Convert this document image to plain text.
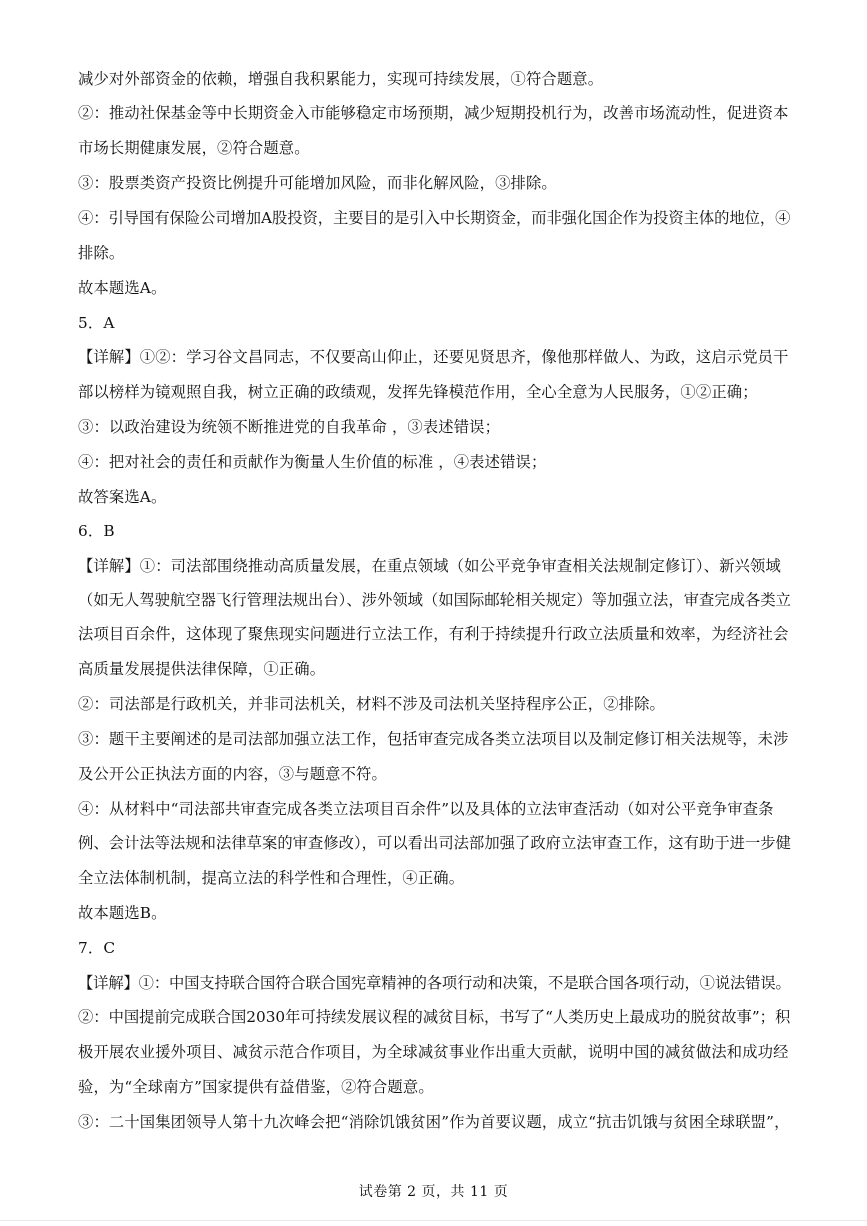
减少对外部资金的依赖，增强自我积累能力，实现可持续发展，①符合题意。
②：推动社保基金等中长期资金入市能够稳定市场预期，减少短期投机行为，改善市场流动性，促进资本
市场长期健康发展，②符合题意。
③：股票类资产投资比例提升可能增加风险，而非化解风险，③排除。
④：引导国有保险公司增加A股投资，主要目的是引入中长期资金，而非强化国企作为投资主体的地位，④
排除。
故本题选A。
5．A
【详解】①②：学习谷文昌同志，不仅要高山仰止，还要见贤思齐，像他那样做人、为政，这启示党员干
部以榜样为镜观照自我，树立正确的政绩观，发挥先锋模范作用，全心全意为人民服务，①②正确；
③：以政治建设为统领不断推进党的自我革命 ，③表述错误；
④：把对社会的责任和贡献作为衡量人生价值的标准 ，④表述错误；
故答案选A。
6．B
【详解】①：司法部围绕推动高质量发展，在重点领域（如公平竞争审查相关法规制定修订）、新兴领域
（如无人驾驶航空器飞行管理法规出台）、涉外领域（如国际邮轮相关规定）等加强立法，审查完成各类立
法项目百余件，这体现了聚焦现实问题进行立法工作，有利于持续提升行政立法质量和效率，为经济社会
高质量发展提供法律保障，①正确。
②：司法部是行政机关，并非司法机关，材料不涉及司法机关坚持程序公正，②排除。
③：题干主要阐述的是司法部加强立法工作，包括审查完成各类立法项目以及制定修订相关法规等，未涉
及公开公正执法方面的内容，③与题意不符。
④：从材料中“司法部共审查完成各类立法项目百余件”以及具体的立法审查活动（如对公平竞争审查条
例、会计法等法规和法律草案的审查修改），可以看出司法部加强了政府立法审查工作，这有助于进一步健
全立法体制机制，提高立法的科学性和合理性，④正确。
故本题选B。
7．C
【详解】①：中国支持联合国符合联合国宪章精神的各项行动和决策，不是联合国各项行动，①说法错误。
②：中国提前完成联合国2030年可持续发展议程的减贫目标，书写了“人类历史上最成功的脱贫故事”；积
极开展农业援外项目、减贫示范合作项目，为全球减贫事业作出重大贡献，说明中国的减贫做法和成功经
验，为“全球南方”国家提供有益借鉴，②符合题意。
③：二十国集团领导人第十九次峰会把“消除饥饿贫困”作为首要议题，成立“抗击饥饿与贫困全球联盟”，
试卷第 2 页，共 11 页
